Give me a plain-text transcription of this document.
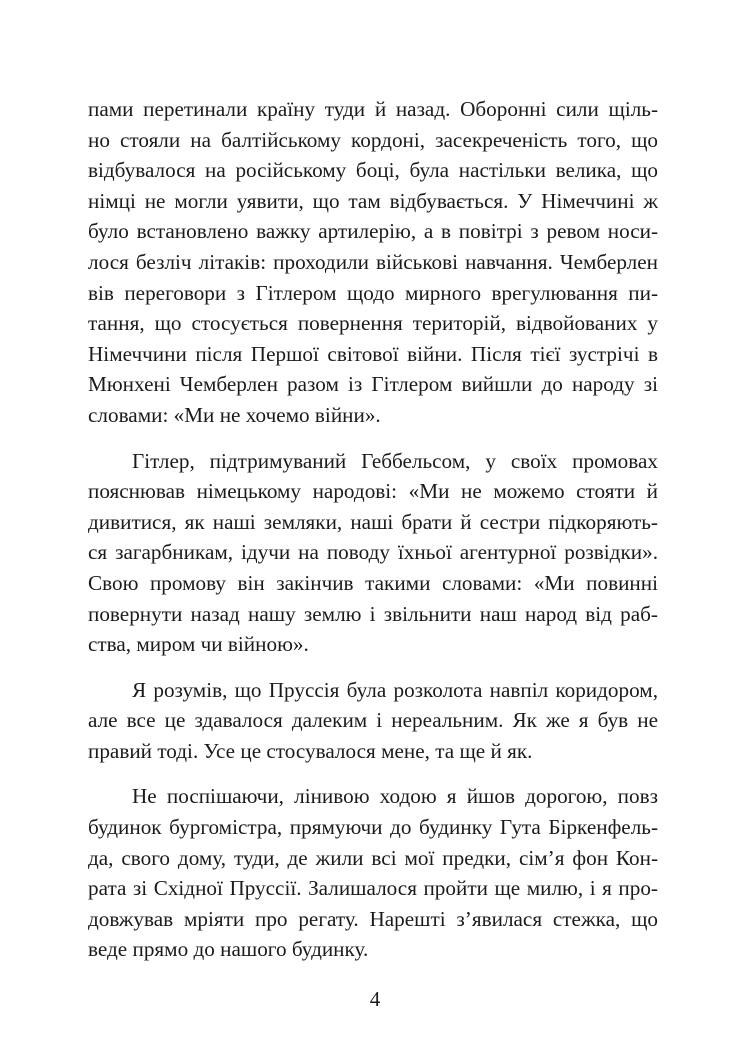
пами перетинали країну туди й назад. Оборонні сили щіль-
но стояли на балтійському кордоні, засекреченість того, що
відбувалося на російському боці, була настільки велика, що
німці не могли уявити, що там відбувається. У Німеччині ж
було встановлено важку артилерію, а в повітрі з ревом носи-
лося безліч літаків: проходили військові навчання. Чемберлен
вів переговори з Гітлером щодо мирного врегулювання пи-
тання, що стосується повернення територій, відвойованих у
Німеччини після Першої світової війни. Після тієї зустрічі в
Мюнхені Чемберлен разом із Гітлером вийшли до народу зі
словами: «Ми не хочемо війни».
Гітлер, підтримуваний Геббельсом, у своїх промовах
пояснював німецькому народові: «Ми не можемо стояти й
дивитися, як наші земляки, наші брати й сестри підкоряють-
ся загарбникам, ідучи на поводу їхньої агентурної розвідки».
Свою промову він закінчив такими словами: «Ми повинні
повернути назад нашу землю і звільнити наш народ від раб-
ства, миром чи війною».
Я розумів, що Пруссія була розколота навпіл коридором,
але все це здавалося далеким і нереальним. Як же я був не
правий тоді. Усе це стосувалося мене, та ще й як.
Не поспішаючи, лінивою ходою я йшов дорогою, повз
будинок бургомістра, прямуючи до будинку Гута Біркенфель-
да, свого дому, туди, де жили всі мої предки, сім’я фон Кон-
рата зі Східної Пруссії. Залишалося пройти ще милю, і я про-
довжував мріяти про регату. Нарешті з’явилася стежка, що
веде прямо до нашого будинку.
4
